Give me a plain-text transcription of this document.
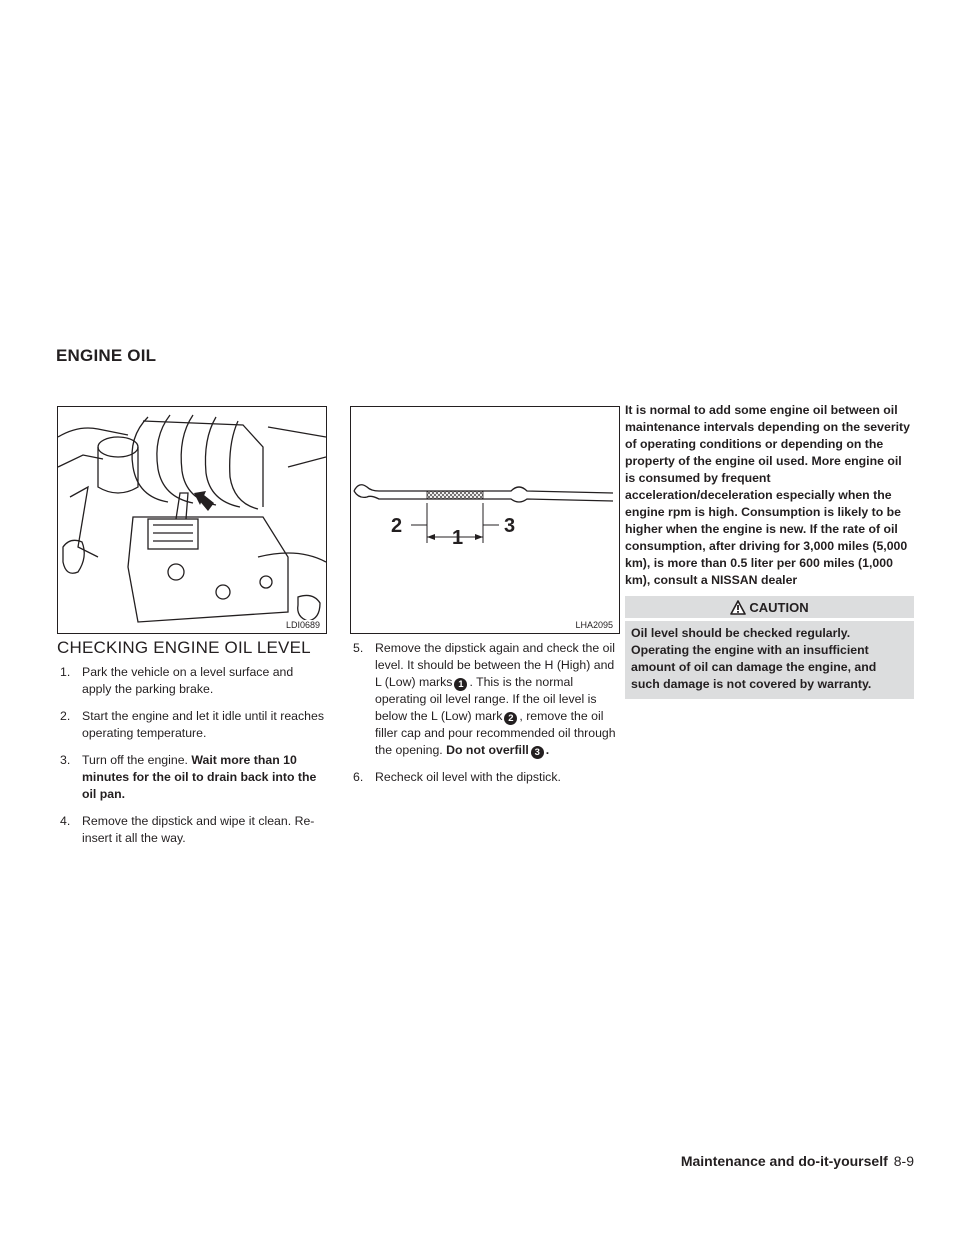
ENGINE OIL
LDI0689
1
2	3
LHA2095
CHECKING ENGINE OIL LEVEL
1. Park the vehicle on a level surface and apply the parking brake.
2. Start the engine and let it idle until it reaches operating temperature.
3. Turn off the engine. Wait more than 10 minutes for the oil to drain back into the oil pan.
4. Remove the dipstick and wipe it clean. Re-insert it all the way.
5. Remove the dipstick again and check the oil level. It should be between the H (High) and L (Low) marks 1 . This is the normal operating oil level range. If the oil level is below the L (Low) mark 2 , remove the oil filler cap and pour recommended oil through the opening. Do not overfill 3 .
6. Recheck oil level with the dipstick.
It is normal to add some engine oil between oil maintenance intervals depending on the severity of operating conditions or depending on the property of the engine oil used. More engine oil is consumed by frequent acceleration/deceleration especially when the engine rpm is high. Consumption is likely to be higher when the engine is new. If the rate of oil consumption, after driving for 3,000 miles (5,000 km), is more than 0.5 liter per 600 miles (1,000 km), consult a NISSAN dealer
CAUTION
Oil level should be checked regularly. Operating the engine with an insufficient amount of oil can damage the engine, and such damage is not covered by warranty.
Maintenance and do-it-yourself 8-9
